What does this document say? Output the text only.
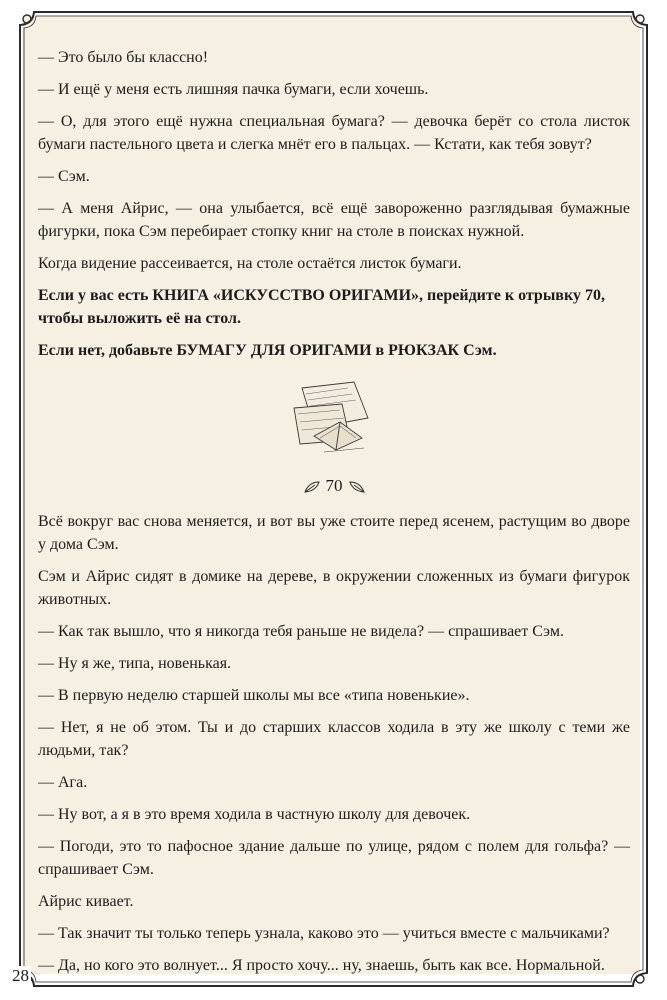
— Это было бы классно!

— И ещё у меня есть лишняя пачка бумаги, если хочешь.

— О, для этого ещё нужна специальная бумага? — девочка берёт со стола листок бумаги пастельного цвета и слегка мнёт его в пальцах. — Кстати, как тебя зовут?

— Сэм.

— А меня Айрис, — она улыбается, всё ещё завороженно разглядывая бумажные фигурки, пока Сэм перебирает стопку книг на столе в поисках нужной.

Когда видение рассеивается, на столе остаётся листок бумаги.

Если у вас есть КНИГА «ИСКУССТВО ОРИГАМИ», перейдите к отрывку 70, чтобы выложить её на стол.

Если нет, добавьте БУМАГУ ДЛЯ ОРИГАМИ в РЮКЗАК Сэм.

70

Всё вокруг вас снова меняется, и вот вы уже стоите перед ясенем, растущим во дворе у дома Сэм.

Сэм и Айрис сидят в домике на дереве, в окружении сложенных из бумаги фигурок животных.

— Как так вышло, что я никогда тебя раньше не видела? — спрашивает Сэм.

— Ну я же, типа, новенькая.

— В первую неделю старшей школы мы все «типа новенькие».

— Нет, я не об этом. Ты и до старших классов ходила в эту же школу с теми же людьми, так?

— Ага.

— Ну вот, а я в это время ходила в частную школу для девочек.

— Погоди, это то пафосное здание дальше по улице, рядом с полем для гольфа? — спрашивает Сэм.

Айрис кивает.

— Так значит ты только теперь узнала, каково это — учиться вместе с мальчиками?

— Да, но кого это волнует... Я просто хочу... ну, знаешь, быть как все. Нормальной.

28
